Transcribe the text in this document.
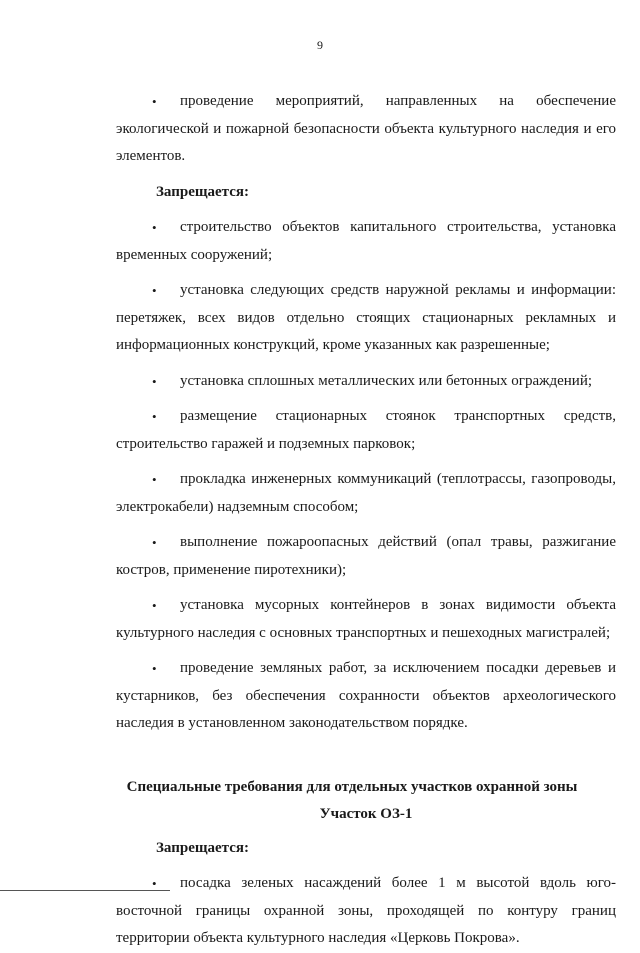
9

• проведение мероприятий, направленных на обеспечение экологической и пожарной безопасности объекта культурного наследия и его элементов.

Запрещается:

• строительство объектов капитального строительства, установка временных сооружений;

• установка следующих средств наружной рекламы и информации: перетяжек, всех видов отдельно стоящих стационарных рекламных и информационных конструкций, кроме указанных как разрешенные;

• установка сплошных металлических или бетонных ограждений;

• размещение стационарных стоянок транспортных средств, строительство гаражей и подземных парковок;

• прокладка инженерных коммуникаций (теплотрассы, газопроводы, электрокабели) надземным способом;

• выполнение пожароопасных действий (опал травы, разжигание костров, применение пиротехники);

• установка мусорных контейнеров в зонах видимости объекта культурного наследия с основных транспортных и пешеходных магистралей;

• проведение земляных работ, за исключением посадки деревьев и кустарников, без обеспечения сохранности объектов археологического наследия в установленном законодательством порядке.

Специальные требования для отдельных участков охранной зоны

Участок ОЗ-1

Запрещается:

• посадка зеленых насаждений более 1 м высотой вдоль юго-восточной границы охранной зоны, проходящей по контуру границ территории объекта культурного наследия «Церковь Покрова».
